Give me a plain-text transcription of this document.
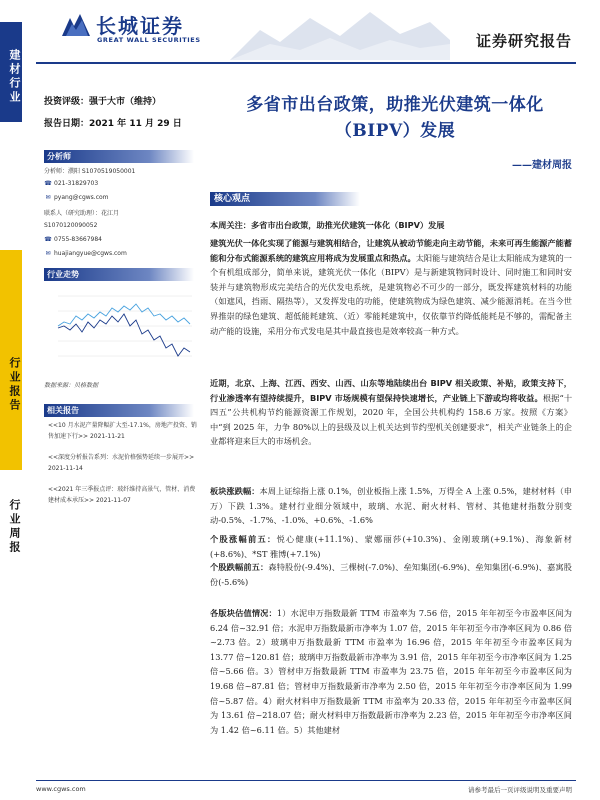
长城证券
GREAT WALL SECURITIES	证券研究报告
建材行业
行业报告
行业周报
投资评级：强于大市（维持）
报告日期：2021 年 11 月 29 日
分析师
分析师：濮阳 S1070519050001
☎ 021-31829703
✉ pyang@cgws.com
联系人（研究助理）：花江月
S1070120090052
☎ 0755-83667984
✉ huajiangyue@cgws.com
行业走势
数据来源：贝格数据
相关报告
<<10 月水泥产量降幅扩大至-17.1%，房地产投资、销售加速下行>> 2021-11-21
<<深度分析报告系列：水泥价格强势延续一步展开>> 2021-11-14
<<2021 年三季报点评：玻纤维持高景气，管材、消费建材成本承压>> 2021-11-07
多省市出台政策，助推光伏建筑一体化
（BIPV）发展
——建材周报
核心观点
本周关注：多省市出台政策，助推光伏建筑一体化（BIPV）发展
建筑光伏一体化实现了能源与建筑相结合，让建筑从被动节能走向主动节能，未来可再生能源产能蓄能和分布式能源系统的建筑应用将成为发展重点和热点。太阳能与建筑结合是让太阳能成为建筑的一个有机组成部分，简单来说，建筑光伏一体化（BIPV）是与新建筑物同时设计、同时施工和同时安装并与建筑物形成完美结合的光伏发电系统，是建筑物必不可少的一部分，既发挥建筑材料的功能（如遮风，挡雨、隔热等），又发挥发电的功能，使建筑物成为绿色建筑、减少能源消耗。在当今世界推崇的绿色建筑、超低能耗建筑、（近）零能耗建筑中，仅依靠节约降低能耗是不够的，需配备主动产能的设施，采用分布式发电是其中最直接也是效率较高一种方式。
近期，北京、上海、江西、西安、山西、山东等地陆续出台 BIPV 相关政策、补贴，政策支持下，行业渗透率有望持续提升，BIPV 市场规模有望保持快速增长，产业链上下游或均将收益。根据“十四五”公共机构节约能源资源工作规划，2020 年，全国公共机构约 158.6 万家。按照《方案》中“到 2025 年，力争 80%以上的县级及以上机关达到节约型机关创建要求”，相关产业链条上的企业都将迎来巨大的市场机会。
板块涨跌幅：本周上证综指上涨 0.1%，创业板指上涨 1.5%，万得全 A 上涨 0.5%，建材材料（申万）下跌 1.3%。建材行业细分领域中，玻璃、水泥、耐火材料、管材、其他建材指数分别变动-0.5%、-1.7%、-1.0%、+0.6%、-1.6%
个股涨幅前五：悦心健康(+11.1%)、蒙娜丽莎(+10.3%)、金刚玻璃(+9.1%)、海象新材(+8.6%)、*ST 雅博(+7.1%)
个股跌幅前五：森特股份(-9.4%)、三棵树(-7.0%)、垒知集团(-6.9%)、垒知集团(-6.9%)、嘉寓股份(-5.6%)
各版块估值情况：1）水泥申万指数最新 TTM 市盈率为 7.56 倍，2015 年年初至今市盈率区间为 6.24 倍~32.91 倍；水泥申万指数最新市净率为 1.07 倍，2015 年年初至今市净率区间为 0.86 倍~2.73 倍。2）玻璃申万指数最新 TTM 市盈率为 16.96 倍，2015 年年初至今市盈率区间为 13.77 倍~120.81 倍；玻璃申万指数最新市净率为 3.91 倍，2015 年年初至今市净率区间为 1.25 倍~5.66 倍。3）管材申万指数最新 TTM 市盈率为 23.75 倍，2015 年年初至今市盈率区间为 19.68 倍~87.81 倍；管材申万指数最新市净率为 2.50 倍，2015 年年初至今市净率区间为 1.99 倍~5.87 倍。4）耐火材料申万指数最新 TTM 市盈率为 20.33 倍，2015 年年初至今市盈率区间为 13.61 倍~218.07 倍；耐火材料申万指数最新市净率为 2.23 倍，2015 年年初至今市净率区间为 1.42 倍~6.11 倍。5）其他建材
www.cgws.com	请参考最后一页评级说明及重要声明
